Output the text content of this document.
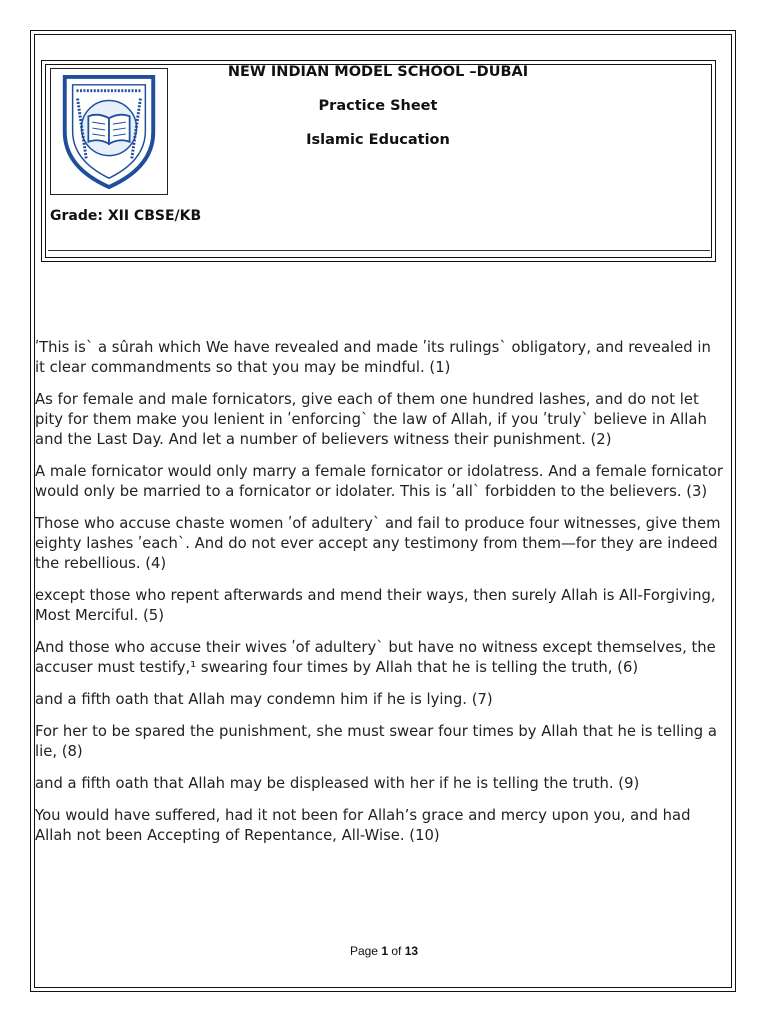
NEW INDIAN MODEL SCHOOL –DUBAI
Practice Sheet
Islamic Education

Grade: XII CBSE/KB

ʹThis isˋ a sûrah which We have revealed and made ʹits rulingsˋ obligatory, and revealed in it clear commandments so that you may be mindful. (1)

As for female and male fornicators, give each of them one hundred lashes, and do not let pity for them make you lenient in ʹenforcingˋ the law of Allah, if you ʹtrulyˋ believe in Allah and the Last Day. And let a number of believers witness their punishment. (2)

A male fornicator would only marry a female fornicator or idolatress. And a female fornicator would only be married to a fornicator or idolater. This is ʹallˋ forbidden to the believers. (3)

Those who accuse chaste women ʹof adulteryˋ and fail to produce four witnesses, give them eighty lashes ʹeachˋ. And do not ever accept any testimony from them—for they are indeed the rebellious. (4)

except those who repent afterwards and mend their ways, then surely Allah is All-Forgiving, Most Merciful. (5)

And those who accuse their wives ʹof adulteryˋ but have no witness except themselves, the accuser must testify,¹ swearing four times by Allah that he is telling the truth, (6)

and a fifth oath that Allah may condemn him if he is lying. (7)

For her to be spared the punishment, she must swear four times by Allah that he is telling a lie, (8)

and a fifth oath that Allah may be displeased with her if he is telling the truth. (9)

You would have suffered, had it not been for Allah’s grace and mercy upon you, and had Allah not been Accepting of Repentance, All-Wise. (10)

Page 1 of 13
